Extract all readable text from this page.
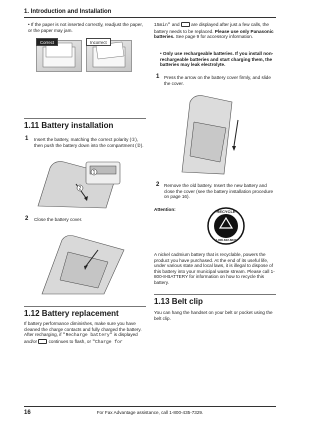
1. Introduction and Installation
• If the paper is not inserted correctly, readjust the paper, or the paper may jam.
Correct	Incorrect
1.11 Battery installation
1 Insert the battery, matching the correct polarity (①), then push the battery down into the compartment (②).
1
2
2 Close the battery cover.
1.12 Battery replacement
If battery performance diminishes, make sure you have cleaned the charge contacts and fully charged the battery. After recharging, if "Recharge battery" is displayed and/or	continues to flash, or "Charge for
15min" and	are displayed after just a few calls, the battery needs to be replaced. Please use only Panasonic batteries. See page 9 for accessory information.
• Only use rechargeable batteries. If you install non-rechargeable batteries and start charging them, the batteries may leak electrolyte.
1 Press the arrow on the battery cover firmly, and slide the cover.
2 Remove the old battery. Insert the new battery and close the cover (see the battery installation procedure on page 16).
Attention:	RECYCLE
1.800.822.8837
A nickel cadmium battery that is recyclable, powers the product you have purchased. At the end of its useful life, under various state and local laws, it is illegal to dispose of this battery into your municipal waste stream. Please call 1-800-8-BATTERY for information on how to recycle this battery.
1.13 Belt clip
You can hang the handset on your belt or pocket using the belt clip.
16	For Fax Advantage assistance, call 1-800-435-7329.
